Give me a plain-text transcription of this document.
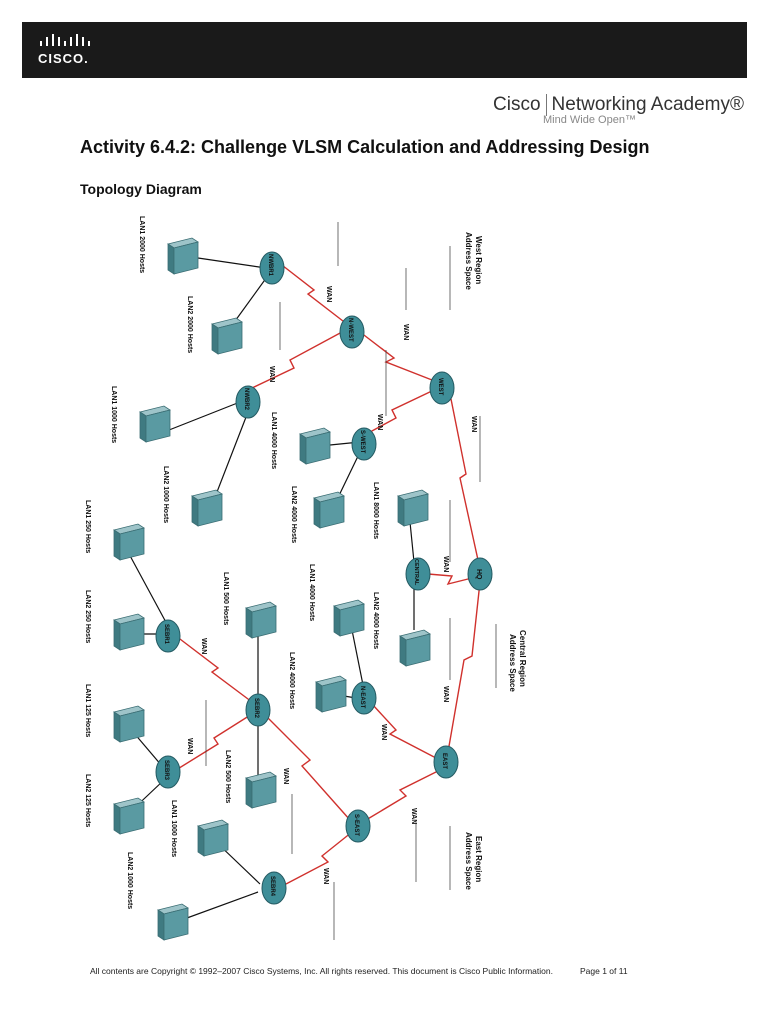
CISCO.
Cisco Networking Academy®
Mind Wide Open™
Activity 6.4.2: Challenge VLSM Calculation and Addressing Design
Topology Diagram
NWBR1
N-WEST
NWBR2
WEST
S-WEST
CENTRAL	HQ
SEBR1
SEBR2
SEBR3
N-EAST
EAST
S-EAST
SEBR4
WAN
WAN
WAN
WAN	WAN
WAN
WAN
WAN
WAN
WAN
WAN
WAN
WAN
LAN1 2000 Hosts
LAN2 2000 Hosts
LAN1 1000 Hosts
LAN2 1000 Hosts
LAN1 4000 Hosts
LAN2 4000 Hosts	LAN1 8000 Hosts
LAN1 4000 Hosts	LAN2 4000 Hosts
LAN2 4000 Hosts
LAN1 250 Hosts
LAN2 250 Hosts	LAN1 500 Hosts
LAN2 500 Hosts
LAN1 125 Hosts
LAN2 125 Hosts	LAN1 1000 Hosts
LAN2 1000 Hosts
West Region
Address Space
Central Region
Address Space
East Region
Address Space
All contents are Copyright © 1992–2007 Cisco Systems, Inc. All rights reserved. This document is Cisco Public Information.	Page 1 of 11
